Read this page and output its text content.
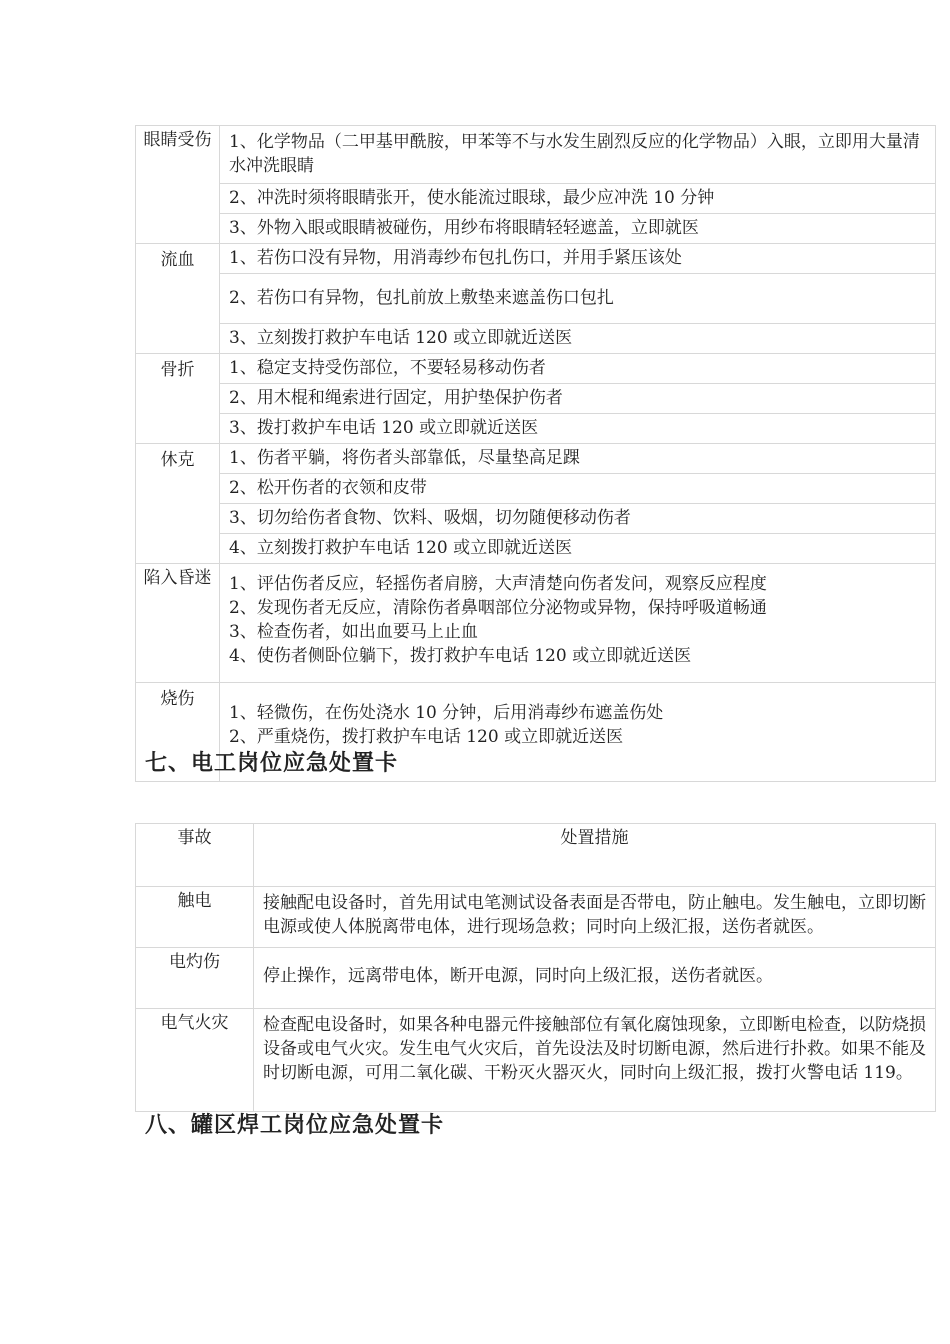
眼睛受伤	1、化学物品（二甲基甲酰胺，甲苯等不与水发生剧烈反应的化学物品）入眼，立即用大量清水冲洗眼睛
	2、冲洗时须将眼睛张开，使水能流过眼球，最少应冲洗 10 分钟
	3、外物入眼或眼睛被碰伤，用纱布将眼睛轻轻遮盖，立即就医
流血	1、若伤口没有异物，用消毒纱布包扎伤口，并用手紧压该处
	2、若伤口有异物，包扎前放上敷垫来遮盖伤口包扎
	3、立刻拨打救护车电话 120 或立即就近送医
骨折	1、稳定支持受伤部位，不要轻易移动伤者
	2、用木棍和绳索进行固定，用护垫保护伤者
	3、拨打救护车电话 120 或立即就近送医
休克	1、伤者平躺，将伤者头部靠低，尽量垫高足踝
	2、松开伤者的衣领和皮带
	3、切勿给伤者食物、饮料、吸烟，切勿随便移动伤者
	4、立刻拨打救护车电话 120 或立即就近送医
陷入昏迷	1、评估伤者反应，轻摇伤者肩膀，大声清楚向伤者发问，观察反应程度
2、发现伤者无反应，清除伤者鼻咽部位分泌物或异物，保持呼吸道畅通
3、检查伤者，如出血要马上止血
4、使伤者侧卧位躺下，拨打救护车电话 120 或立即就近送医

烧伤	1、轻微伤，在伤处浇水 10 分钟，后用消毒纱布遮盖伤处
2、严重烧伤，拨打救护车电话 120 或立即就近送医
七、电工岗位应急处置卡
事故	处置措施
触电	接触配电设备时，首先用试电笔测试设备表面是否带电，防止触电。发生触电，立即切断电源或使人体脱离带电体，进行现场急救；同时向上级汇报，送伤者就医。
电灼伤	停止操作，远离带电体，断开电源，同时向上级汇报，送伤者就医。
电气火灾	检查配电设备时，如果各种电器元件接触部位有氧化腐蚀现象，立即断电检查，以防烧损设备或电气火灾。发生电气火灾后，首先设法及时切断电源，然后进行扑救。如果不能及时切断电源，可用二氧化碳、干粉灭火器灭火，同时向上级汇报，拨打火警电话 119。
八、罐区焊工岗位应急处置卡
